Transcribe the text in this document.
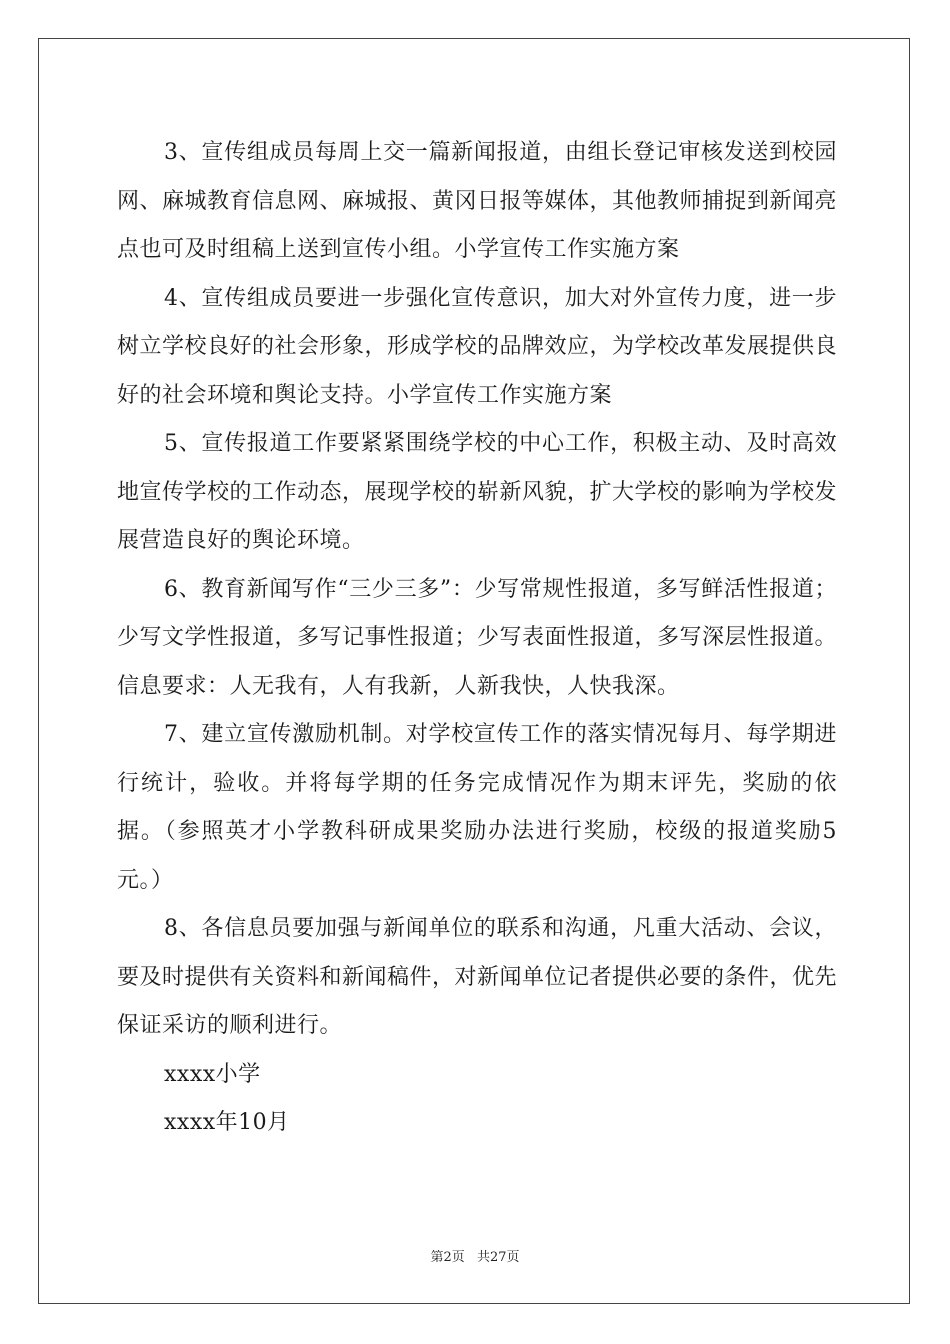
3、宣传组成员每周上交一篇新闻报道，由组长登记审核发送到校园网、麻城教育信息网、麻城报、黄冈日报等媒体，其他教师捕捉到新闻亮点也可及时组稿上送到宣传小组。小学宣传工作实施方案

4、宣传组成员要进一步强化宣传意识，加大对外宣传力度，进一步树立学校良好的社会形象，形成学校的品牌效应，为学校改革发展提供良好的社会环境和舆论支持。小学宣传工作实施方案

5、宣传报道工作要紧紧围绕学校的中心工作，积极主动、及时高效地宣传学校的工作动态，展现学校的崭新风貌，扩大学校的影响为学校发展营造良好的舆论环境。

6、教育新闻写作“三少三多”：少写常规性报道，多写鲜活性报道；少写文学性报道，多写记事性报道；少写表面性报道，多写深层性报道。信息要求：人无我有，人有我新，人新我快，人快我深。

7、建立宣传激励机制。对学校宣传工作的落实情况每月、每学期进行统计，验收。并将每学期的任务完成情况作为期末评先，奖励的依据。（参照英才小学教科研成果奖励办法进行奖励，校级的报道奖励5元。）

8、各信息员要加强与新闻单位的联系和沟通，凡重大活动、会议，要及时提供有关资料和新闻稿件，对新闻单位记者提供必要的条件，优先保证采访的顺利进行。

xxxx小学

xxxx年10月

第2页 共27页
